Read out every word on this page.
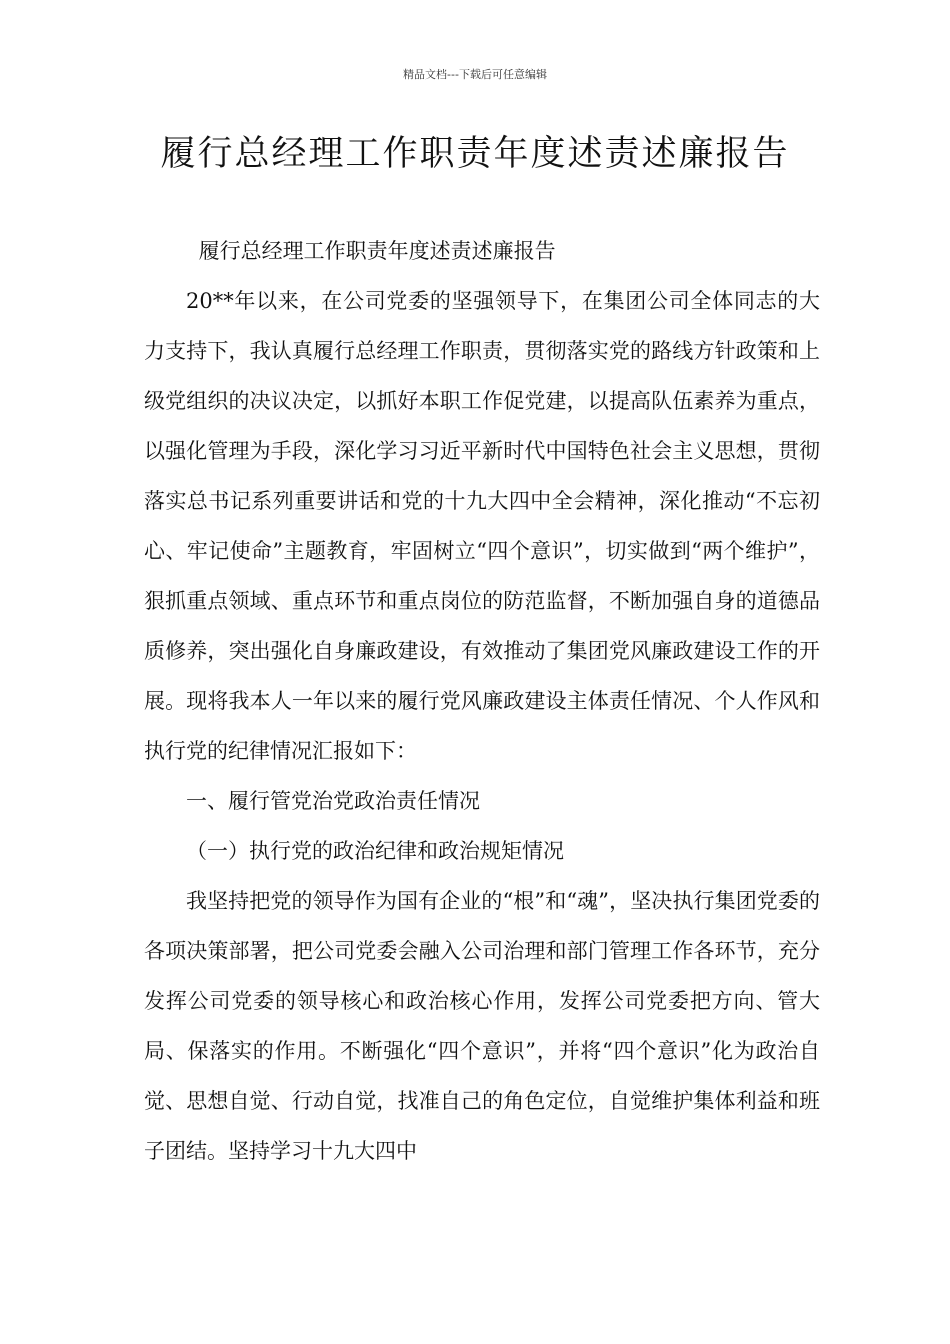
精品文档---下载后可任意编辑
履行总经理工作职责年度述责述廉报告

履行总经理工作职责年度述责述廉报告

20**年以来，在公司党委的坚强领导下，在集团公司全体同志的大力支持下，我认真履行总经理工作职责，贯彻落实党的路线方针政策和上级党组织的决议决定，以抓好本职工作促党建，以提高队伍素养为重点，以强化管理为手段，深化学习习近平新时代中国特色社会主义思想，贯彻落实总书记系列重要讲话和党的十九大四中全会精神，深化推动“不忘初心、牢记使命”主题教育，牢固树立“四个意识”，切实做到“两个维护”，狠抓重点领域、重点环节和重点岗位的防范监督，不断加强自身的道德品质修养，突出强化自身廉政建设，有效推动了集团党风廉政建设工作的开展。现将我本人一年以来的履行党风廉政建设主体责任情况、个人作风和执行党的纪律情况汇报如下：

一、履行管党治党政治责任情况

（一）执行党的政治纪律和政治规矩情况

我坚持把党的领导作为国有企业的“根”和“魂”，坚决执行集团党委的各项决策部署，把公司党委会融入公司治理和部门管理工作各环节，充分发挥公司党委的领导核心和政治核心作用，发挥公司党委把方向、管大局、保落实的作用。不断强化“四个意识”，并将“四个意识”化为政治自觉、思想自觉、行动自觉，找准自己的角色定位，自觉维护集体利益和班子团结。坚持学习十九大四中
